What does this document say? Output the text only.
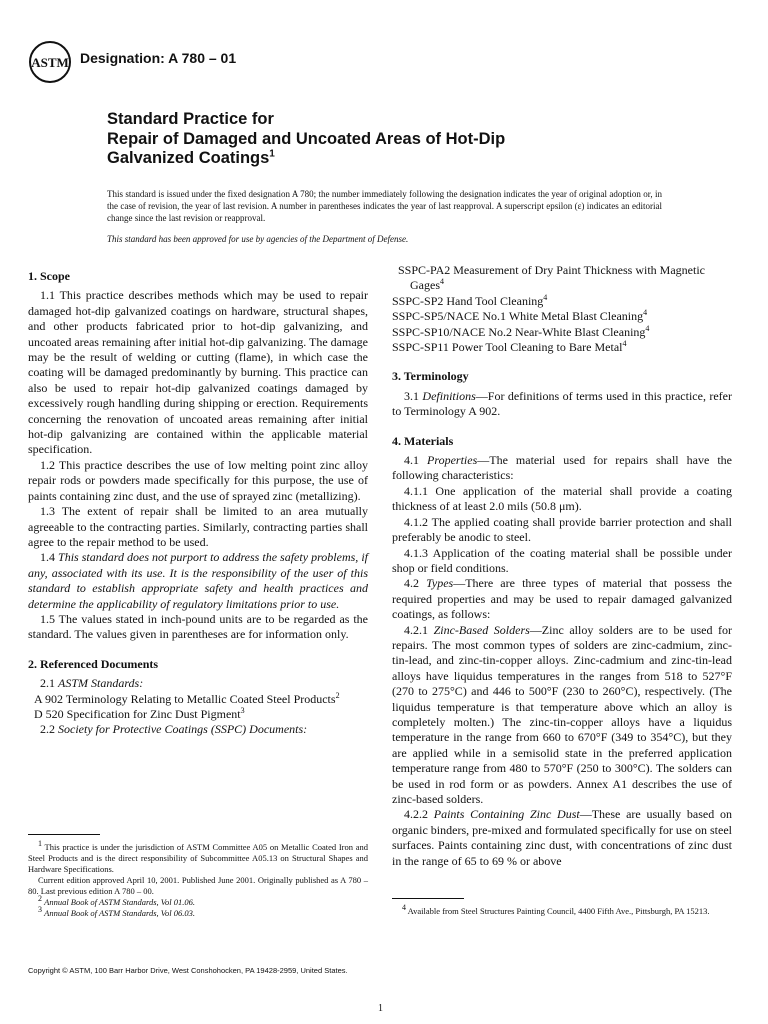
ASTM Designation: A 780 – 01
Standard Practice for
Repair of Damaged and Uncoated Areas of Hot-Dip
Galvanized Coatings$^1$
This standard is issued under the fixed designation A 780; the number immediately following the designation indicates the year of original adoption or, in the case of revision, the year of last revision. A number in parentheses indicates the year of last reapproval. A superscript epsilon (ε) indicates an editorial change since the last revision or reapproval.
This standard has been approved for use by agencies of the Department of Defense.
1. Scope

1.1 This practice describes methods which may be used to repair damaged hot-dip galvanized coatings on hardware, structural shapes, and other products fabricated prior to hot-dip galvanizing, and uncoated areas remaining after initial hot-dip galvanizing. The damage may be the result of welding or cutting (flame), in which case the coating will be damaged predominantly by burning. This practice can also be used to repair hot-dip galvanized coatings damaged by excessively rough handling during shipping or erection. Requirements concerning the renovation of uncoated areas remaining after initial hot-dip galvanizing are contained within the applicable material specification.

1.2 This practice describes the use of low melting point zinc alloy repair rods or powders made specifically for this purpose, the use of paints containing zinc dust, and the use of sprayed zinc (metallizing).

1.3 The extent of repair shall be limited to an area mutually agreeable to the contracting parties. Similarly, contracting parties shall agree to the repair method to be used.

1.4 This standard does not purport to address the safety problems, if any, associated with its use. It is the responsibility of the user of this standard to establish appropriate safety and health practices and determine the applicability of regulatory limitations prior to use.

1.5 The values stated in inch-pound units are to be regarded as the standard. The values given in parentheses are for information only.

2. Referenced Documents

2.1 ASTM Standards:

A 902 Terminology Relating to Metallic Coated Steel Products$^2$
D 520 Specification for Zinc Dust Pigment$^3$

2.2 Society for Protective Coatings (SSPC) Documents:

$^1$ This practice is under the jurisdiction of ASTM Committee A05 on Metallic Coated Iron and Steel Products and is the direct responsibility of Subcommittee A05.13 on Structural Shapes and Hardware Specifications.

Current edition approved April 10, 2001. Published June 2001. Originally published as A 780 – 80. Last previous edition A 780 – 00.

$^2$ Annual Book of ASTM Standards, Vol 01.06.

$^3$ Annual Book of ASTM Standards, Vol 06.03.

SSPC-PA2 Measurement of Dry Paint Thickness with Magnetic Gages$^4$
SSPC-SP2 Hand Tool Cleaning$^4$
SSPC-SP5/NACE No.1 White Metal Blast Cleaning$^4$
SSPC-SP10/NACE No.2 Near-White Blast Cleaning$^4$
SSPC-SP11 Power Tool Cleaning to Bare Metal$^4$
3. Terminology

3.1 Definitions—For definitions of terms used in this practice, refer to Terminology A 902.

4. Materials

4.1 Properties—The material used for repairs shall have the following characteristics:

4.1.1 One application of the material shall provide a coating thickness of at least 2.0 mils (50.8 μm).

4.1.2 The applied coating shall provide barrier protection and shall preferably be anodic to steel.

4.1.3 Application of the coating material shall be possible under shop or field conditions.

4.2 Types—There are three types of material that possess the required properties and may be used to repair damaged galvanized coatings, as follows:

4.2.1 Zinc-Based Solders—Zinc alloy solders are to be used for repairs. The most common types of solders are zinc-cadmium, zinc-tin-lead, and zinc-tin-copper alloys. Zinc-cadmium and zinc-tin-lead alloys have liquidus temperatures in the ranges from 518 to 527°F (270 to 275°C) and 446 to 500°F (230 to 260°C), respectively. (The liquidus temperature is that temperature above which an alloy is completely molten.) The zinc-tin-copper alloys have a liquidus temperature in the range from 660 to 670°F (349 to 354°C), but they are applied while in a semisolid state in the preferred application temperature range from 480 to 570°F (250 to 300°C). The solders can be used in rod form or as powders. Annex A1 describes the use of zinc-based solders.

4.2.2 Paints Containing Zinc Dust—These are usually based on organic binders, pre-mixed and formulated specifically for use on steel surfaces. Paints containing zinc dust, with concentrations of zinc dust in the range of 65 to 69 % or above

$^4$ Available from Steel Structures Painting Council, 4400 Fifth Ave., Pittsburgh, PA 15213.

Copyright © ASTM, 100 Barr Harbor Drive, West Conshohocken, PA 19428-2959, United States.
1
